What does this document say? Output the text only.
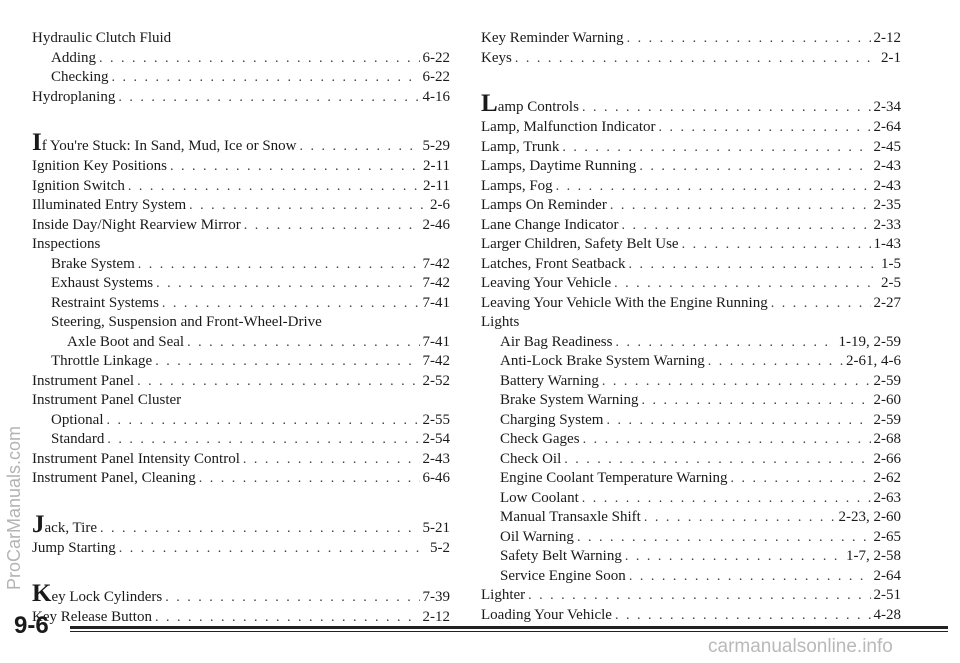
Hydraulic Clutch Fluid
Adding . . .	6-22
Checking . . .	6-22
Hydroplaning . . .	4-16
If You're Stuck: In Sand, Mud, Ice or Snow . . .	5-29
Ignition Key Positions . . .	2-11
Ignition Switch . . .	2-11
Illuminated Entry System . . .	2-6
Inside Day/Night Rearview Mirror . . .	2-46
Inspections
Brake System . . .	7-42
Exhaust Systems . . .	7-42
Restraint Systems . . .	7-41
Steering, Suspension and Front-Wheel-Drive
Axle Boot and Seal . . .	7-41
Throttle Linkage . . .	7-42
Instrument Panel . . .	2-52
Instrument Panel Cluster
Optional . . .	2-55
Standard . . .	2-54
Instrument Panel Intensity Control . . .	2-43
Instrument Panel, Cleaning . . .	6-46
Jack, Tire . . .	5-21
Jump Starting . . .	5-2
Key Lock Cylinders . . .	7-39
Key Release Button . . .	2-12
Key Reminder Warning . . .	2-12
Keys . . .	2-1
Lamp Controls . . .	2-34
Lamp, Malfunction Indicator . . .	2-64
Lamp, Trunk . . .	2-45
Lamps, Daytime Running . . .	2-43
Lamps, Fog . . .	2-43
Lamps On Reminder . . .	2-35
Lane Change Indicator . . .	2-33
Larger Children, Safety Belt Use . . .	1-43
Latches, Front Seatback . . .	1-5
Leaving Your Vehicle . . .	2-5
Leaving Your Vehicle With the Engine Running . . .	2-27
Lights
Air Bag Readiness . . .	1-19, 2-59
Anti-Lock Brake System Warning . . .	2-61, 4-6
Battery Warning . . .	2-59
Brake System Warning . . .	2-60
Charging System . . .	2-59
Check Gages . . .	2-68
Check Oil . . .	2-66
Engine Coolant Temperature Warning . . .	2-62
Low Coolant . . .	2-63
Manual Transaxle Shift . . .	2-23, 2-60
Oil Warning . . .	2-65
Safety Belt Warning . . .	1-7, 2-58
Service Engine Soon . . .	2-64
Lighter . . .	2-51
Loading Your Vehicle . . .	4-28
9-6
ProCarManuals.com
carmanualsonline.info
